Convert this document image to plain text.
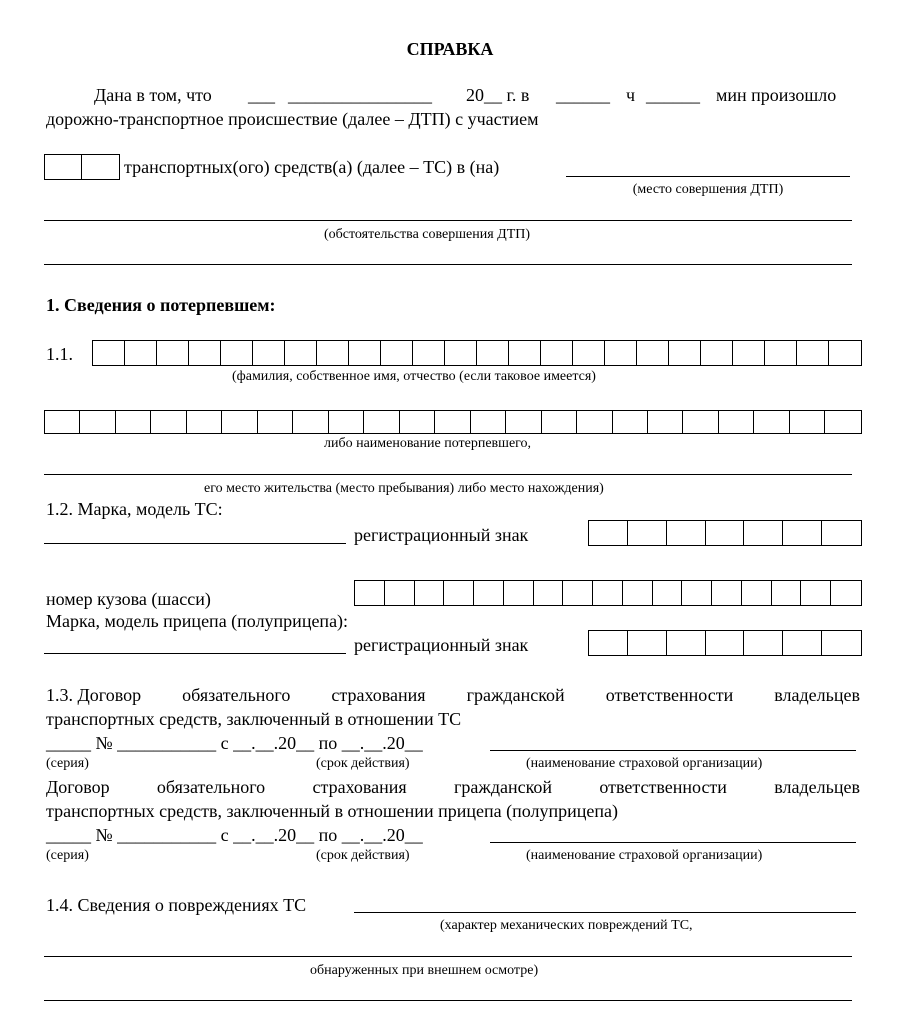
СПРАВКА
Дана в том, что ___ ________________ 20__ г. в ______ ч ______ мин произошло
дорожно-транспортное происшествие (далее – ДТП) с участием
транспортных(ого) средств(а) (далее – ТС) в (на)
(место совершения ДТП)
(обстоятельства совершения ДТП)
1. Сведения о потерпевшем:
1.1.
(фамилия, собственное имя, отчество (если таковое имеется)
либо наименование потерпевшего,
его место жительства (место пребывания) либо место нахождения)
1.2. Марка, модель ТС:
регистрационный знак
номер кузова (шасси)
Марка, модель прицепа (полуприцепа):
регистрационный знак
1.3. Договор обязательного страхования гражданской ответственности владельцев
транспортных средств, заключенный в отношении ТС
_____ № ___________ с __.__.20__ по __.__.20__
(серия)	(срок действия)	(наименование страховой организации)
Договор	обязательного	страхования	гражданской	ответственности	владельцев
транспортных средств, заключенный в отношении прицепа (полуприцепа)
_____ № ___________ с __.__.20__ по __.__.20__
(серия)	(срок действия)	(наименование страховой организации)
1.4. Сведения о повреждениях ТС
(характер механических повреждений ТС,
обнаруженных при внешнем осмотре)
